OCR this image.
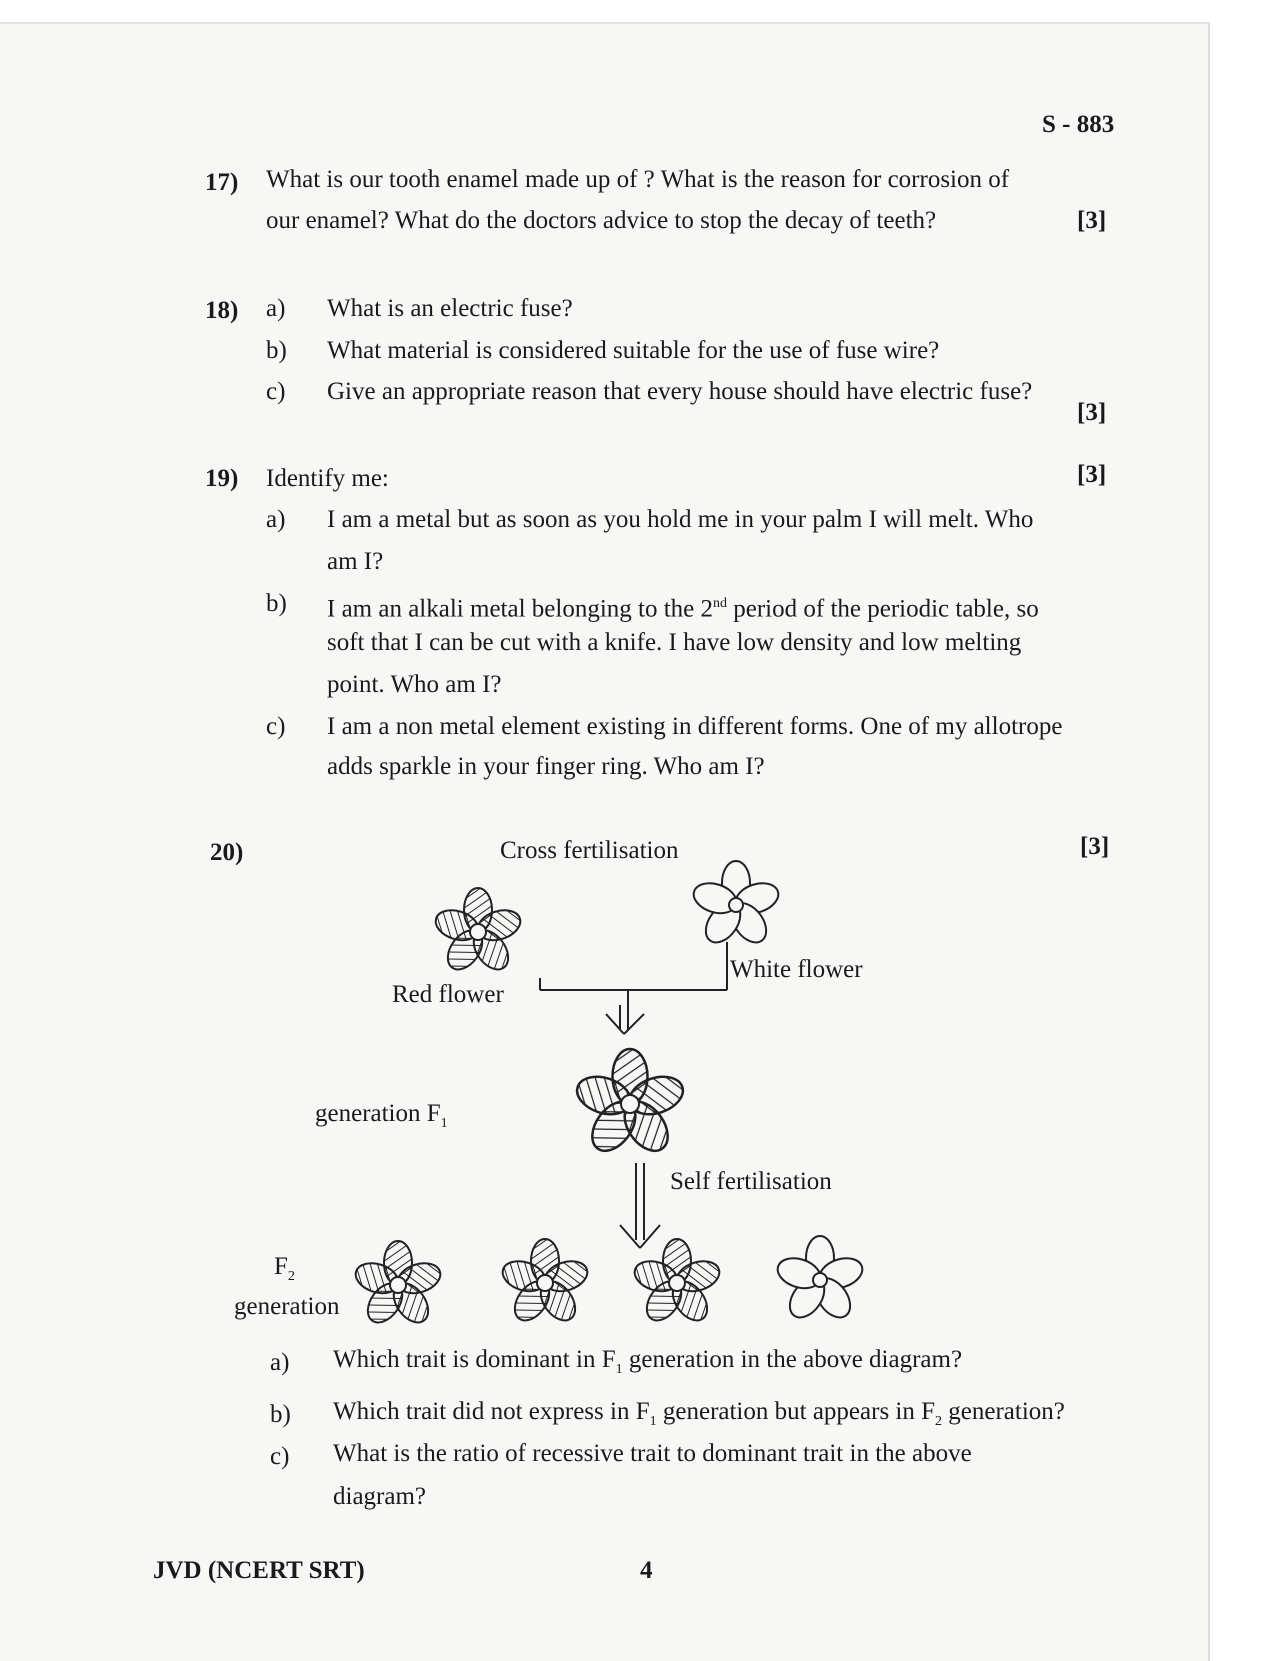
S - 883
17) What is our tooth enamel made up of ? What is the reason for corrosion of
our enamel? What do the doctors advice to stop the decay of teeth?	[3]
18) a) What is an electric fuse?
b) What material is considered suitable for the use of fuse wire?
c) Give an appropriate reason that every house should have electric fuse?
[3]
19) Identify me:	[3]
a) I am a metal but as soon as you hold me in your palm I will melt. Who
am I?
b) I am an alkali metal belonging to the 2nd period of the periodic table, so
soft that I can be cut with a knife. I have low density and low melting
point. Who am I?
c) I am a non metal element existing in different forms. One of my allotrope
adds sparkle in your finger ring. Who am I?
20)	[3]
Cross fertilisation
Red flower
White flower
generation $F_1$
Self fertilisation
$F_2$
generation
a) Which trait is dominant in $F_1$ generation in the above diagram?
b) Which trait did not express in $F_1$ generation but appears in $F_2$ generation?
c) What is the ratio of recessive trait to dominant trait in the above
diagram?
JVD (NCERT SRT)	4
